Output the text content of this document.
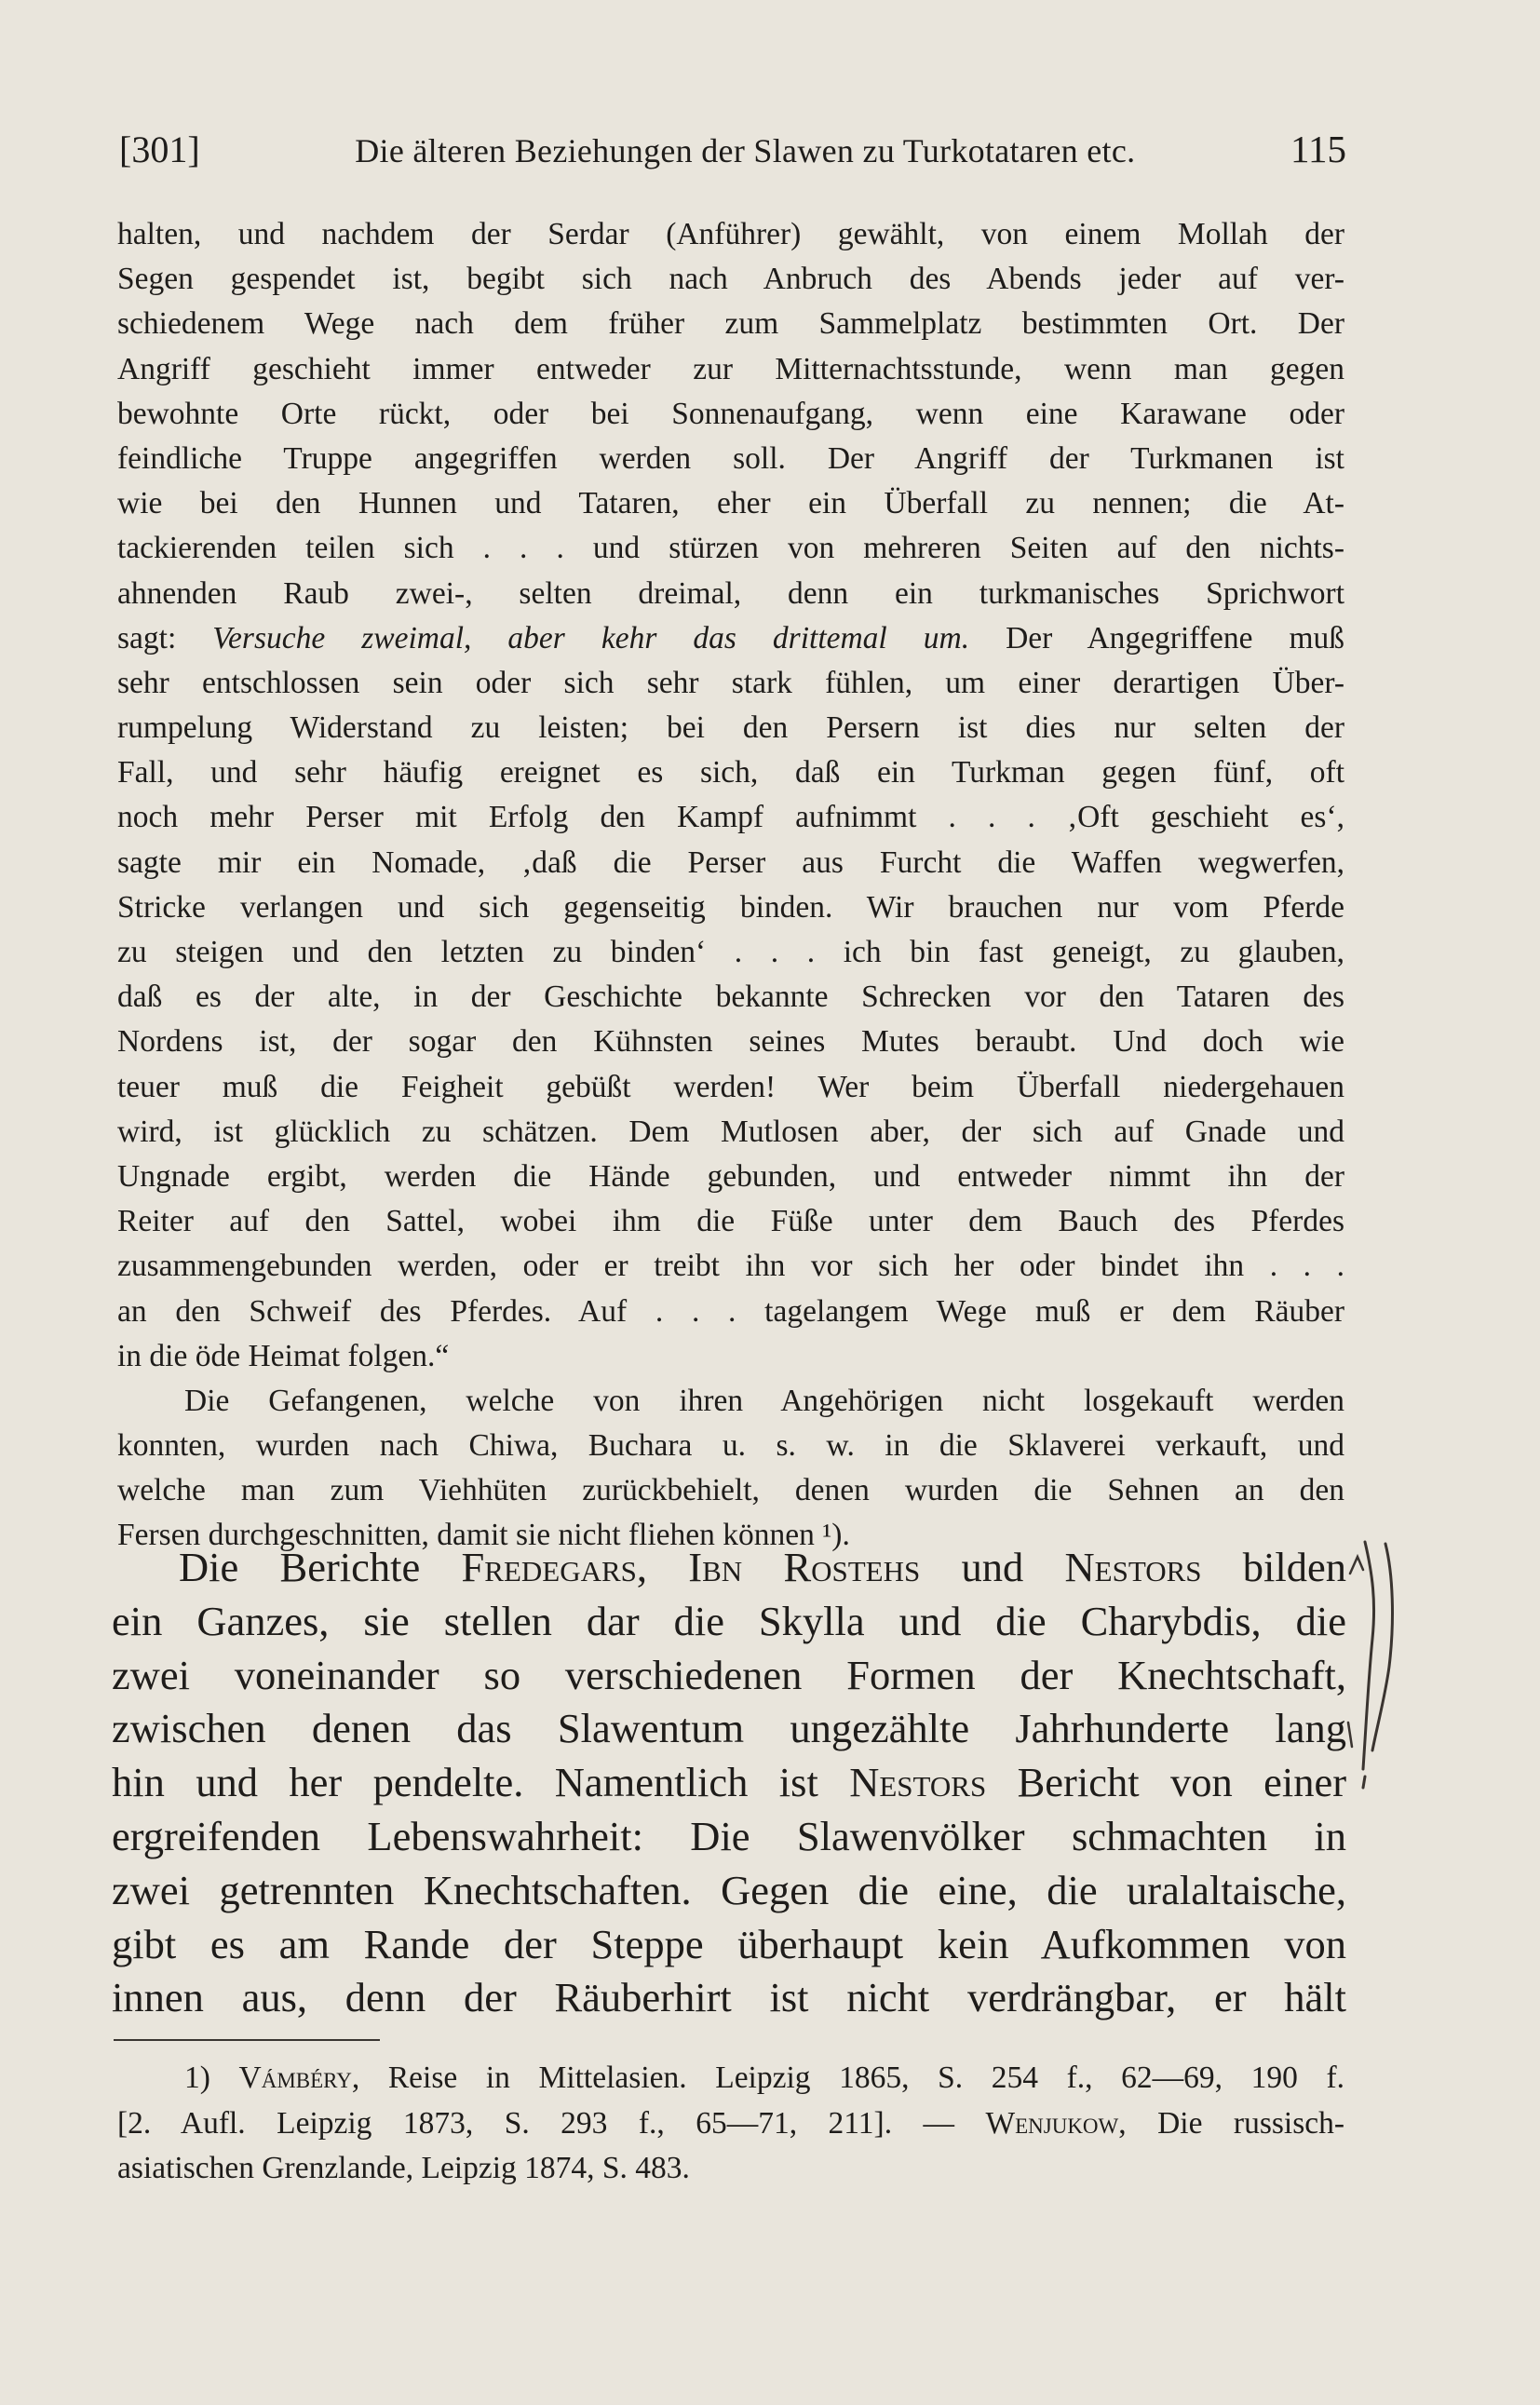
[301]	Die älteren Beziehungen der Slawen zu Turkotataren etc.	115
halten, und nachdem der Serdar (Anführer) gewählt, von einem Mollah der
Segen gespendet ist, begibt sich nach Anbruch des Abends jeder auf ver-
schiedenem Wege nach dem früher zum Sammelplatz bestimmten Ort. Der
Angriff geschieht immer entweder zur Mitternachtsstunde, wenn man gegen
bewohnte Orte rückt, oder bei Sonnenaufgang, wenn eine Karawane oder
feindliche Truppe angegriffen werden soll. Der Angriff der Turkmanen ist
wie bei den Hunnen und Tataren, eher ein Überfall zu nennen; die At-
tackierenden teilen sich . . . und stürzen von mehreren Seiten auf den nichts-
ahnenden Raub zwei-, selten dreimal, denn ein turkmanisches Sprichwort
sagt: Versuche zweimal, aber kehr das drittemal um. Der Angegriffene muß
sehr entschlossen sein oder sich sehr stark fühlen, um einer derartigen Über-
rumpelung Widerstand zu leisten; bei den Persern ist dies nur selten der
Fall, und sehr häufig ereignet es sich, daß ein Turkman gegen fünf, oft
noch mehr Perser mit Erfolg den Kampf aufnimmt . . . ‚Oft geschieht es‘,
sagte mir ein Nomade, ‚daß die Perser aus Furcht die Waffen wegwerfen,
Stricke verlangen und sich gegenseitig binden. Wir brauchen nur vom Pferde
zu steigen und den letzten zu binden‘ . . . ich bin fast geneigt, zu glauben,
daß es der alte, in der Geschichte bekannte Schrecken vor den Tataren des
Nordens ist, der sogar den Kühnsten seines Mutes beraubt. Und doch wie
teuer muß die Feigheit gebüßt werden! Wer beim Überfall niedergehauen
wird, ist glücklich zu schätzen. Dem Mutlosen aber, der sich auf Gnade und
Ungnade ergibt, werden die Hände gebunden, und entweder nimmt ihn der
Reiter auf den Sattel, wobei ihm die Füße unter dem Bauch des Pferdes
zusammengebunden werden, oder er treibt ihn vor sich her oder bindet ihn . . .
an den Schweif des Pferdes. Auf . . . tagelangem Wege muß er dem Räuber
in die öde Heimat folgen.“
Die Gefangenen, welche von ihren Angehörigen nicht losgekauft werden
konnten, wurden nach Chiwa, Buchara u. s. w. in die Sklaverei verkauft, und
welche man zum Viehhüten zurückbehielt, denen wurden die Sehnen an den
Fersen durchgeschnitten, damit sie nicht fliehen können ¹).
Die Berichte Fredegars, Ibn Rostehs und Nestors bilden
ein Ganzes, sie stellen dar die Skylla und die Charybdis, die
zwei voneinander so verschiedenen Formen der Knechtschaft,
zwischen denen das Slawentum ungezählte Jahrhunderte lang
hin und her pendelte. Namentlich ist Nestors Bericht von einer
ergreifenden Lebenswahrheit: Die Slawenvölker schmachten in
zwei getrennten Knechtschaften. Gegen die eine, die uralaltaische,
gibt es am Rande der Steppe überhaupt kein Aufkommen von
innen aus, denn der Räuberhirt ist nicht verdrängbar, er hält
1) Vámbéry, Reise in Mittelasien. Leipzig 1865, S. 254 f., 62—69, 190 f.
[2. Aufl. Leipzig 1873, S. 293 f., 65—71, 211]. — Wenjukow, Die russisch-
asiatischen Grenzlande, Leipzig 1874, S. 483.
